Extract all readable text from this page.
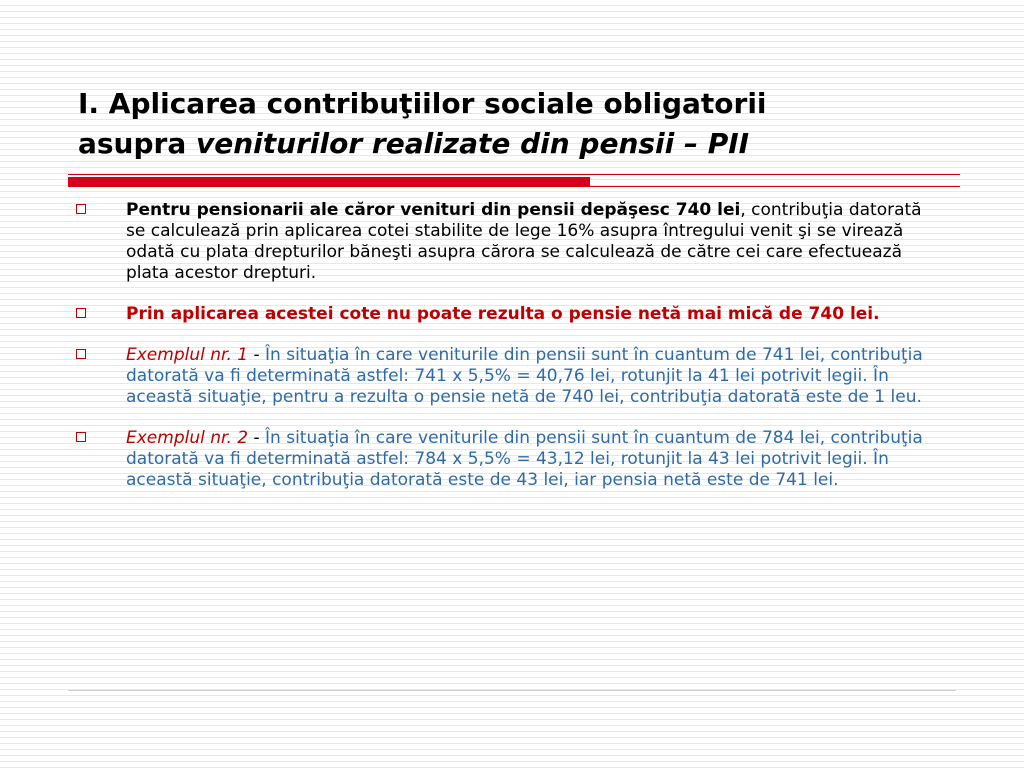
I. Aplicarea contribuţiilor sociale obligatorii
asupra veniturilor realizate din pensii – PII
Pentru pensionarii ale căror venituri din pensii depăşesc 740 lei, contribuţia datorată se calculează prin aplicarea cotei stabilite de lege 16% asupra întregului venit şi se virează odată cu plata drepturilor băneşti asupra cărora se calculează de către cei care efectuează plata acestor drepturi.
Prin aplicarea acestei cote nu poate rezulta o pensie netă mai mică de 740 lei.
Exemplul nr. 1 - În situaţia în care veniturile din pensii sunt în cuantum de 741 lei, contribuţia datorată va fi determinată astfel: 741 x 5,5% = 40,76 lei, rotunjit la 41 lei potrivit legii. În această situaţie, pentru a rezulta o pensie netă de 740 lei, contribuţia datorată este de 1 leu.
Exemplul nr. 2 - În situaţia în care veniturile din pensii sunt în cuantum de 784 lei, contribuţia datorată va fi determinată astfel: 784 x 5,5% = 43,12 lei, rotunjit la 43 lei potrivit legii. În această situaţie, contribuţia datorată este de 43 lei, iar pensia netă este de 741 lei.
